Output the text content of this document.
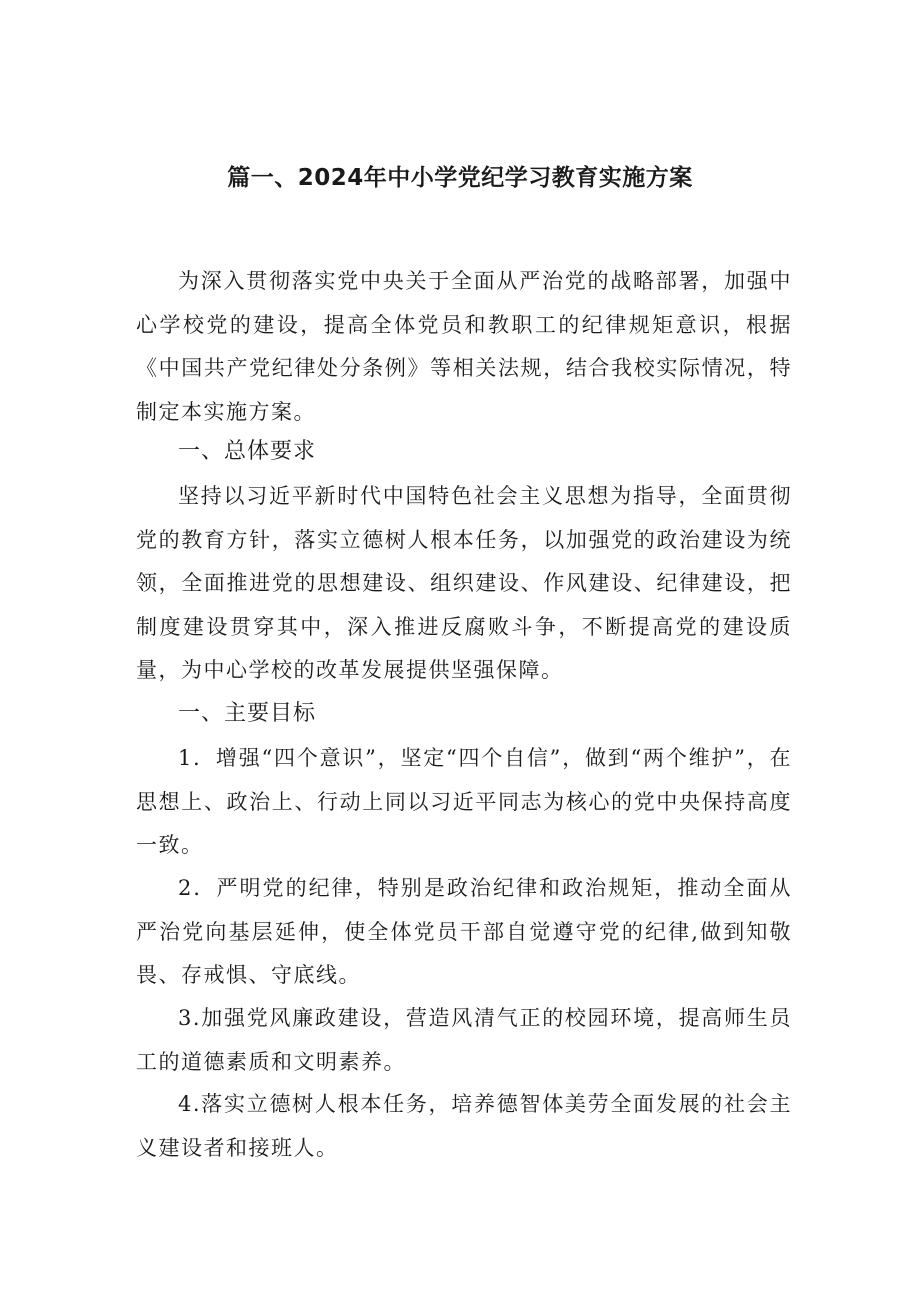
篇一、2024年中小学党纪学习教育实施方案

为深入贯彻落实党中央关于全面从严治党的战略部署，加强中心学校党的建设，提高全体党员和教职工的纪律规矩意识，根据《中国共产党纪律处分条例》等相关法规，结合我校实际情况，特制定本实施方案。

一、总体要求

坚持以习近平新时代中国特色社会主义思想为指导，全面贯彻党的教育方针，落实立德树人根本任务，以加强党的政治建设为统领，全面推进党的思想建设、组织建设、作风建设、纪律建设，把制度建设贯穿其中，深入推进反腐败斗争，不断提高党的建设质量，为中心学校的改革发展提供坚强保障。

一、主要目标

1．增强“四个意识”，坚定“四个自信”，做到“两个维护”，在思想上、政治上、行动上同以习近平同志为核心的党中央保持高度一致。

2．严明党的纪律，特别是政治纪律和政治规矩，推动全面从严治党向基层延伸，使全体党员干部自觉遵守党的纪律,做到知敬畏、存戒惧、守底线。

3.加强党风廉政建设，营造风清气正的校园环境，提高师生员工的道德素质和文明素养。

4.落实立德树人根本任务，培养德智体美劳全面发展的社会主义建设者和接班人。
